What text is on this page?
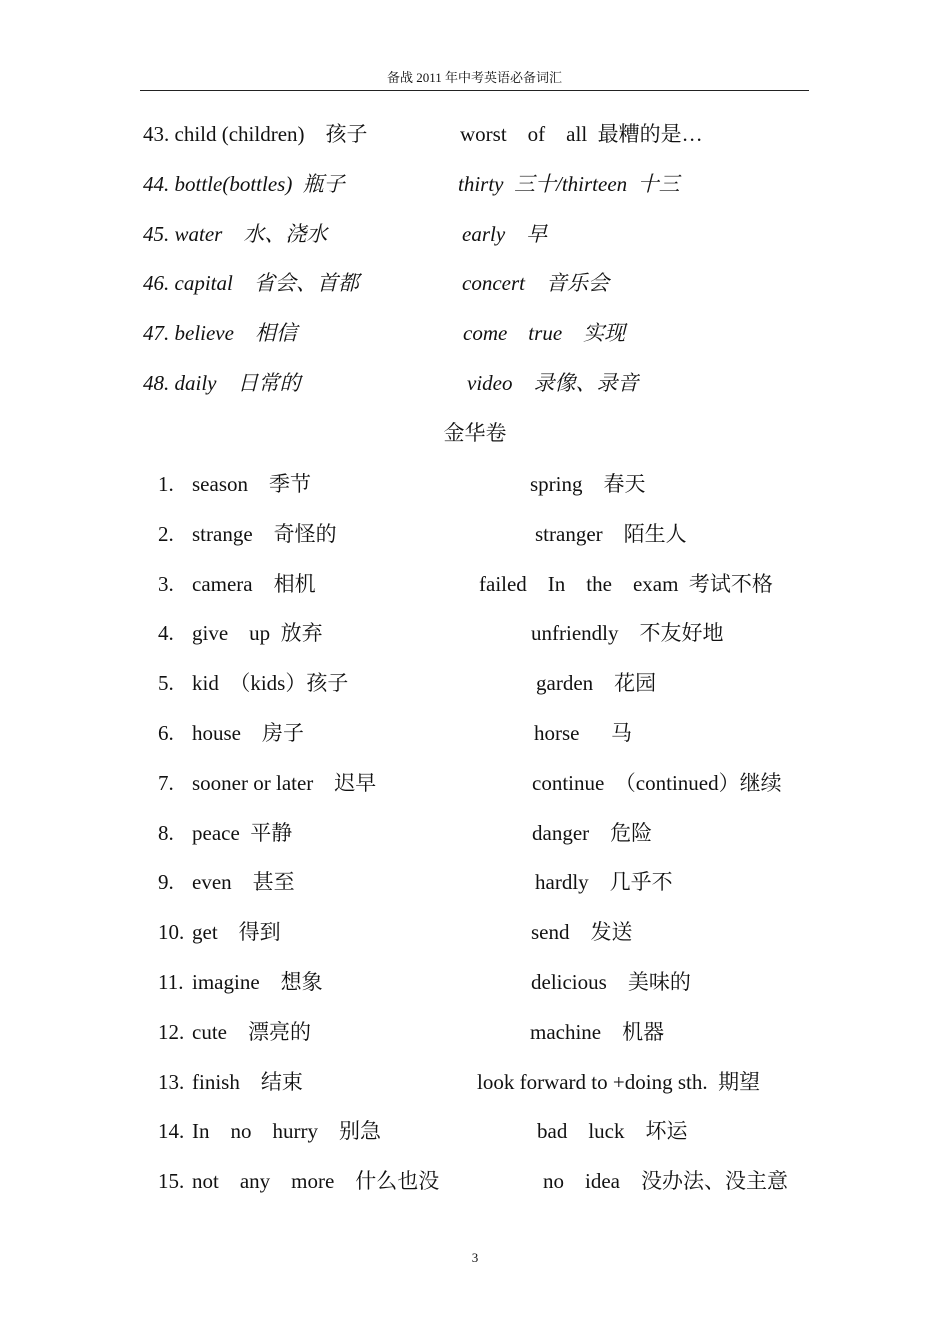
备战 2011 年中考英语必备词汇
43. child (children)    孩子	worst    of    all  最糟的是…
44. bottle(bottles)  瓶子	thirty  三十/thirteen  十三
45. water    水、浇水	early    早
46. capital    省会、首都	concert    音乐会
47. believe    相信	come    true    实现
48. daily    日常的	video    录像、录音
金华卷
1. season    季节	spring    春天
2. strange    奇怪的	stranger    陌生人
3. camera    相机	failed    In    the    exam  考试不格
4. give    up  放弃	unfriendly    不友好地
5. kid  （kids）孩子	garden    花园
6. house    房子	horse      马
7. sooner or later    迟早	continue  （continued）继续
8. peace  平静	danger    危险
9. even    甚至	hardly    几乎不
10. get    得到	send    发送
11. imagine    想象	delicious    美味的
12. cute    漂亮的	machine    机器
13. finish    结束	look forward to +doing sth.  期望
14. In    no    hurry    别急	bad    luck    坏运
15. not    any    more    什么也没	no    idea    没办法、没主意
3
